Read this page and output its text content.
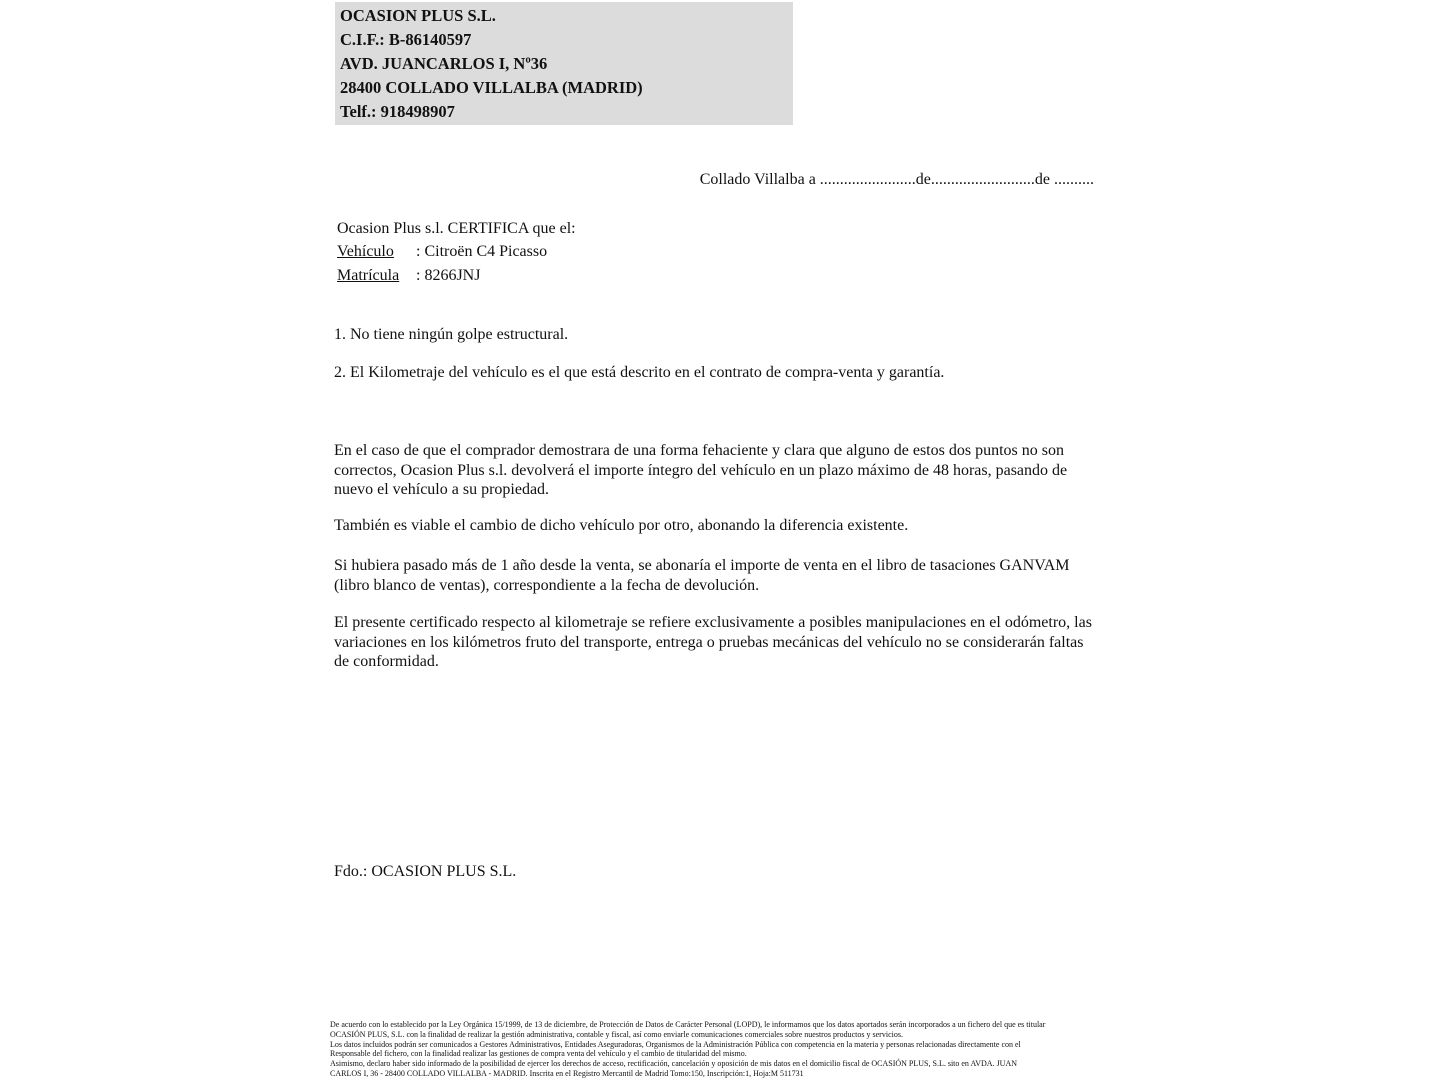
OCASION PLUS S.L.
C.I.F.: B-86140597
AVD. JUANCARLOS I, Nº36
28400 COLLADO VILLALBA (MADRID)
Telf.: 918498907
Collado Villalba a ........................de..........................de ..........
Ocasion Plus s.l. CERTIFICA que el:
Vehículo : Citroën C4 Picasso
Matrícula : 8266JNJ
1. No tiene ningún golpe estructural.
2. El Kilometraje del vehículo es el que está descrito en el contrato de compra-venta y garantía.
En el caso de que el comprador demostrara de una forma fehaciente y clara que alguno de estos dos puntos no son correctos, Ocasion Plus s.l. devolverá el importe íntegro del vehículo en un plazo máximo de 48 horas, pasando de nuevo el vehículo a su propiedad.
También es viable el cambio de dicho vehículo por otro, abonando la diferencia existente.
Si hubiera pasado más de 1 año desde la venta, se abonaría el importe de venta en el libro de tasaciones GANVAM (libro blanco de ventas), correspondiente a la fecha de devolución.
El presente certificado respecto al kilometraje se refiere exclusivamente a posibles manipulaciones en el odómetro, las variaciones en los kilómetros fruto del transporte, entrega o pruebas mecánicas del vehículo no se considerarán faltas de conformidad.
Fdo.: OCASION PLUS S.L.
De acuerdo con lo establecido por la Ley Orgánica 15/1999, de 13 de diciembre, de Protección de Datos de Carácter Personal (LOPD), le informamos que los datos aportados serán incorporados a un fichero del que es titular
OCASIÓN PLUS, S.L. con la finalidad de realizar la gestión administrativa, contable y fiscal, así como enviarle comunicaciones comerciales sobre nuestros productos y servicios.
Los datos incluidos podrán ser comunicados a Gestores Administrativos, Entidades Aseguradoras, Organismos de la Administración Pública con competencia en la materia y personas relacionadas directamente con el
Responsable del fichero, con la finalidad realizar las gestiones de compra venta del vehículo y el cambio de titularidad del mismo.
Asimismo, declaro haber sido informado de la posibilidad de ejercer los derechos de acceso, rectificación, cancelación y oposición de mis datos en el domicilio fiscal de OCASIÓN PLUS, S.L. sito en AVDA. JUAN
CARLOS I, 36 - 28400 COLLADO VILLALBA - MADRID. Inscrita en el Registro Mercantil de Madrid Tomo:150, Inscripción:1, Hoja:M 511731
